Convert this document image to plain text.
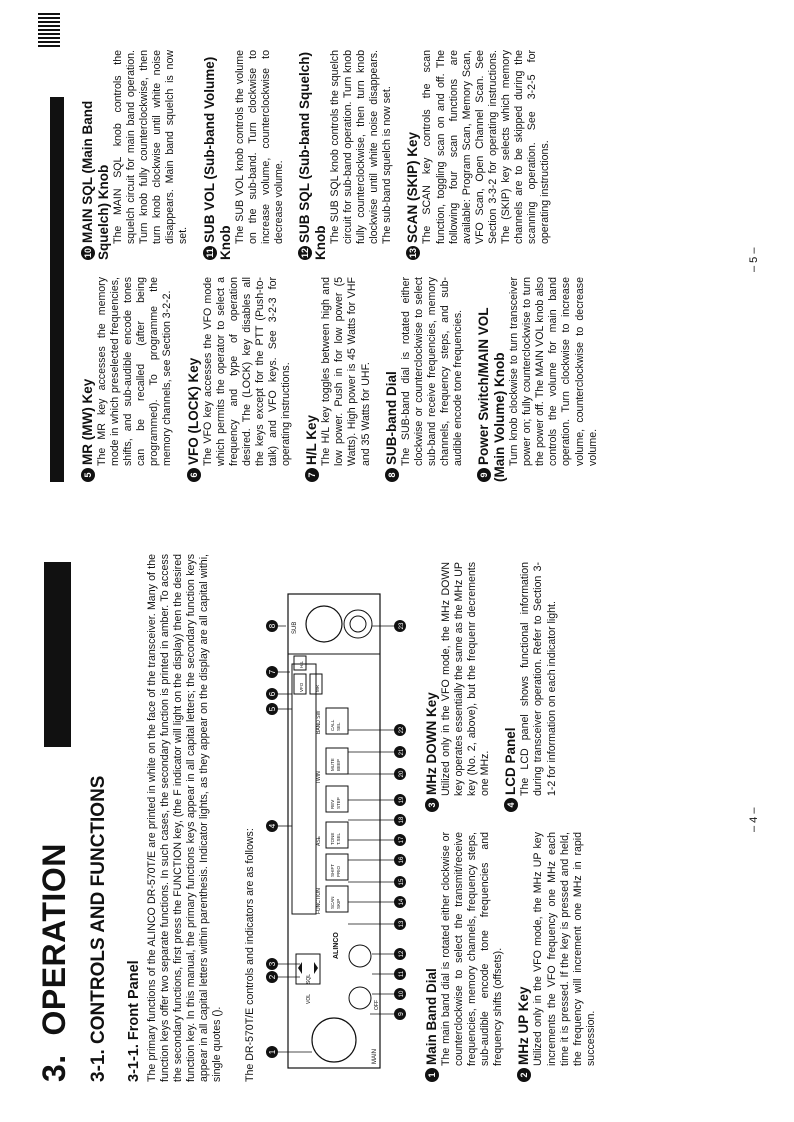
3.  OPERATION 3-1. CONTROLS AND FUNCTIONS 3-1-1. Front Panel The primary functions of the ALINCO DR-570T/E are printed in white on the face of the transceiver. Many of the function keys offer two separate functions. In such cases, the secondary function is printed in amber. To access the secondary functions, first press the FUNCTION key, (the F indicator will light on the display) then the desired function key. In this manual, the primary functions keys appear in all capital letters; the secondary function keys appear in all capital letters within parenthesis. Indicator lights, as they appear on the display are all capital withi, single quotes (). The DR-570T/E controls and indicators are as follows: 1
2
3
4
5
6
7
8
MAIN
SUB
OFF
VOL
SQL
ALINCO
FUNCTION
ASE
TWIN
BAND SW
SCAN SKIP
SHIFT PRIO
TONE T.SEL
REV STEP
MUTE BEEP
CALL SEL
VFO MR
H/L
9
10
11
12
13
14
15
16
17
18
19
20
21
22
23

1Main Band Dial The main band dial is rotated either clockwise or counterclockwise to select the transmit/receive frequencies, memory channels, frequency steps, sub-audible encode tone frequencies and frequency shifts (offsets).

2MHz UP Key Utilized only in the VFO mode, the MHz UP key increments the VFO frequency one MHz each time it is pressed. If the key is pressed and held, the frequency will increment one MHz in rapid succession.

3MHz DOWN Key Utilized only in the VFO mode, the MHz DOWN key operates essentially the same as the MHz UP key (No. 2, above), but the frequenr decrements one MHz.

4LCD Panel The LCD panel shows functional information during transceiver operation. Refer to Section 3-1-2 for information on each indicator light.

– 4 –

5MR (MW) Key The MR key accesses the memory mode in which preselected frequencies, shifts, and sub-audible encode tones can be recalled (after being programmed). To programme the memory channels, see Section 3-2-2.

6VFO (LOCK) Key The VFO key accesses the VFO mode which permits the operator to select a frequency and type of operation desired. The (LOCK) key disables all the keys except for the PTT (Push-to-talk) and VFO keys. See 3-2-3 for operating instructions.

7H/L Key The H/L key toggles between high and low power. Push in for low power (5 Watts). High power is 45 Watts for VHF and 35 Watts for UHF.

8SUB-band Dial The SUB-band dial is rotated either clockwise or counterclockwise to select sub-band receive frequencies, memory channels, frequency steps, and sub-audible encode tone frequencies.

9Power Switch/MAIN VOL (Main Volume) Knob Turn knob clockwise to turn transceiver power on; fully counterclockwise to turn the power off. The MAIN VOL knob also controls the volume for main band operation. Turn clockwise to increase volume, counterclockwise to decrease volume.

10MAIN SQL (Main Band Squelch) Knob The MAIN SQL knob controls the squelch circuit for main band operation. Turn knob fully counterclockwise, then turn knob clockwise until white noise disappears. Main band squelch is now set.

11SUB VOL (Sub-band Volume) Knob The SUB VOL knob controls the volume on the sub-band. Turn clockwise to increase volume, counterclockwise to decrease volume.

12SUB SQL (Sub-band Squelch) Knob The SUB SQL knob controls the squelch circuit for sub-band operation. Turn knob fully counterclockwise, then turn knob clockwise until white noise disappears. The sub-band squelch is now set.

13SCAN (SKIP) Key The SCAN key controls the scan function, toggling scan on and off. The following four scan functions are available: Program Scan, Memory Scan, VFO Scan, Open Channel Scan. See Section 3-3-2 for operating instructions. The (SKIP) key selects which memory channels are to be skipped during the scanning operation. See 3-2-5 for operating instructions.

– 5 –
